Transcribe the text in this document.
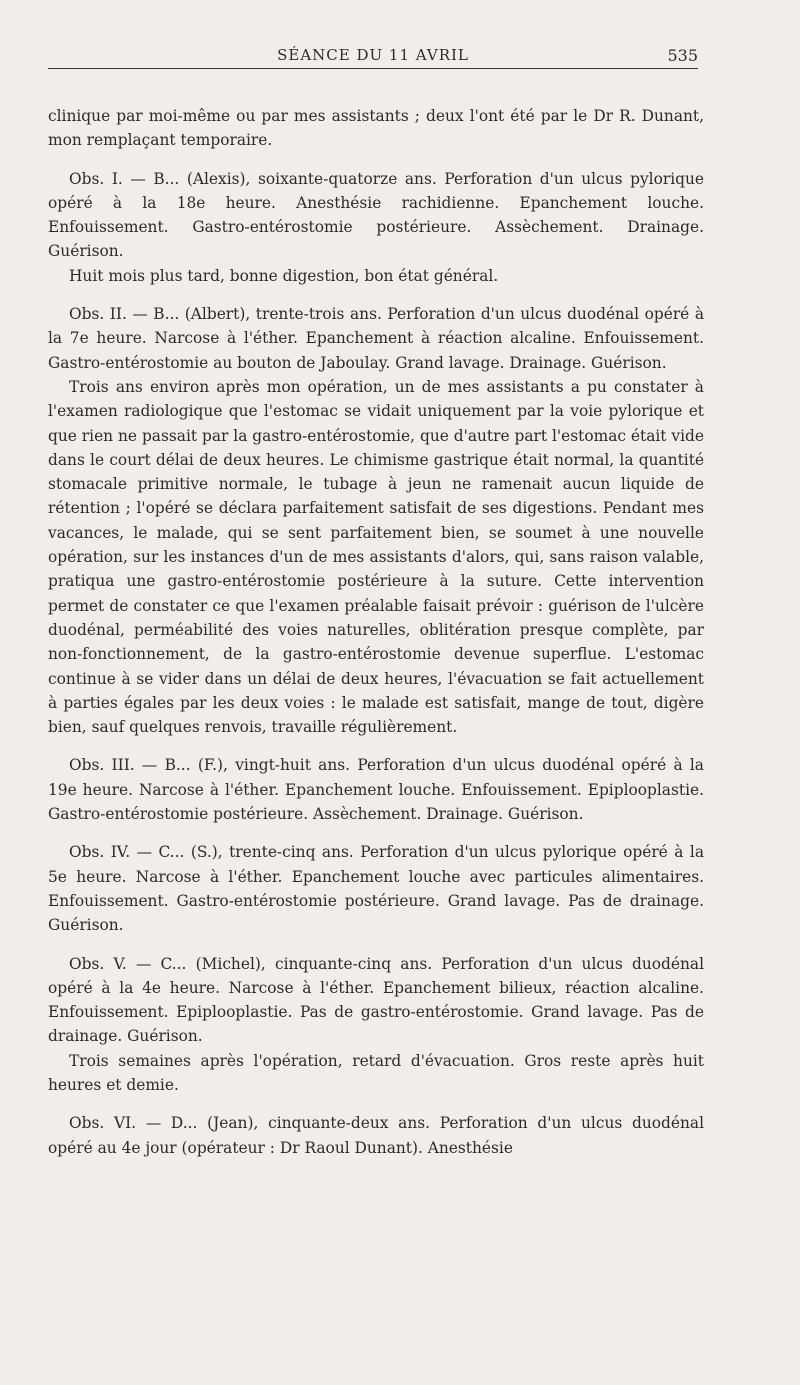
SÉANCE DU 11 AVRIL	535

clinique par moi-même ou par mes assistants ; deux l'ont été par le Dr R. Dunant, mon remplaçant temporaire.

Obs. I. — B... (Alexis), soixante-quatorze ans. Perforation d'un ulcus pylorique opéré à la 18e heure. Anesthésie rachidienne. Epanchement louche. Enfouissement. Gastro-entérostomie postérieure. Assèchement. Drainage. Guérison.

Huit mois plus tard, bonne digestion, bon état général.

Obs. II. — B... (Albert), trente-trois ans. Perforation d'un ulcus duodénal opéré à la 7e heure. Narcose à l'éther. Epanchement à réaction alcaline. Enfouissement. Gastro-entérostomie au bouton de Jaboulay. Grand lavage. Drainage. Guérison.

Trois ans environ après mon opération, un de mes assistants a pu constater à l'examen radiologique que l'estomac se vidait uniquement par la voie pylorique et que rien ne passait par la gastro-entérostomie, que d'autre part l'estomac était vide dans le court délai de deux heures. Le chimisme gastrique était normal, la quantité stomacale primitive normale, le tubage à jeun ne ramenait aucun liquide de rétention ; l'opéré se déclara parfaitement satisfait de ses digestions. Pendant mes vacances, le malade, qui se sent parfaitement bien, se soumet à une nouvelle opération, sur les instances d'un de mes assistants d'alors, qui, sans raison valable, pratiqua une gastro-entérostomie postérieure à la suture. Cette intervention permet de constater ce que l'examen préalable faisait prévoir : guérison de l'ulcère duodénal, perméabilité des voies naturelles, oblitération presque complète, par non-fonctionnement, de la gastro-entérostomie devenue superflue. L'estomac continue à se vider dans un délai de deux heures, l'évacuation se fait actuellement à parties égales par les deux voies : le malade est satisfait, mange de tout, digère bien, sauf quelques renvois, travaille régulièrement.

Obs. III. — B... (F.), vingt-huit ans. Perforation d'un ulcus duodénal opéré à la 19e heure. Narcose à l'éther. Epanchement louche. Enfouissement. Epiplooplastie. Gastro-entérostomie postérieure. Assèchement. Drainage. Guérison.

Obs. IV. — C... (S.), trente-cinq ans. Perforation d'un ulcus pylorique opéré à la 5e heure. Narcose à l'éther. Epanchement louche avec particules alimentaires. Enfouissement. Gastro-entérostomie postérieure. Grand lavage. Pas de drainage. Guérison.

Obs. V. — C... (Michel), cinquante-cinq ans. Perforation d'un ulcus duodénal opéré à la 4e heure. Narcose à l'éther. Epanchement bilieux, réaction alcaline. Enfouissement. Epiplooplastie. Pas de gastro-entérostomie. Grand lavage. Pas de drainage. Guérison.

Trois semaines après l'opération, retard d'évacuation. Gros reste après huit heures et demie.

Obs. VI. — D... (Jean), cinquante-deux ans. Perforation d'un ulcus duodénal opéré au 4e jour (opérateur : Dr Raoul Dunant). Anesthésie
